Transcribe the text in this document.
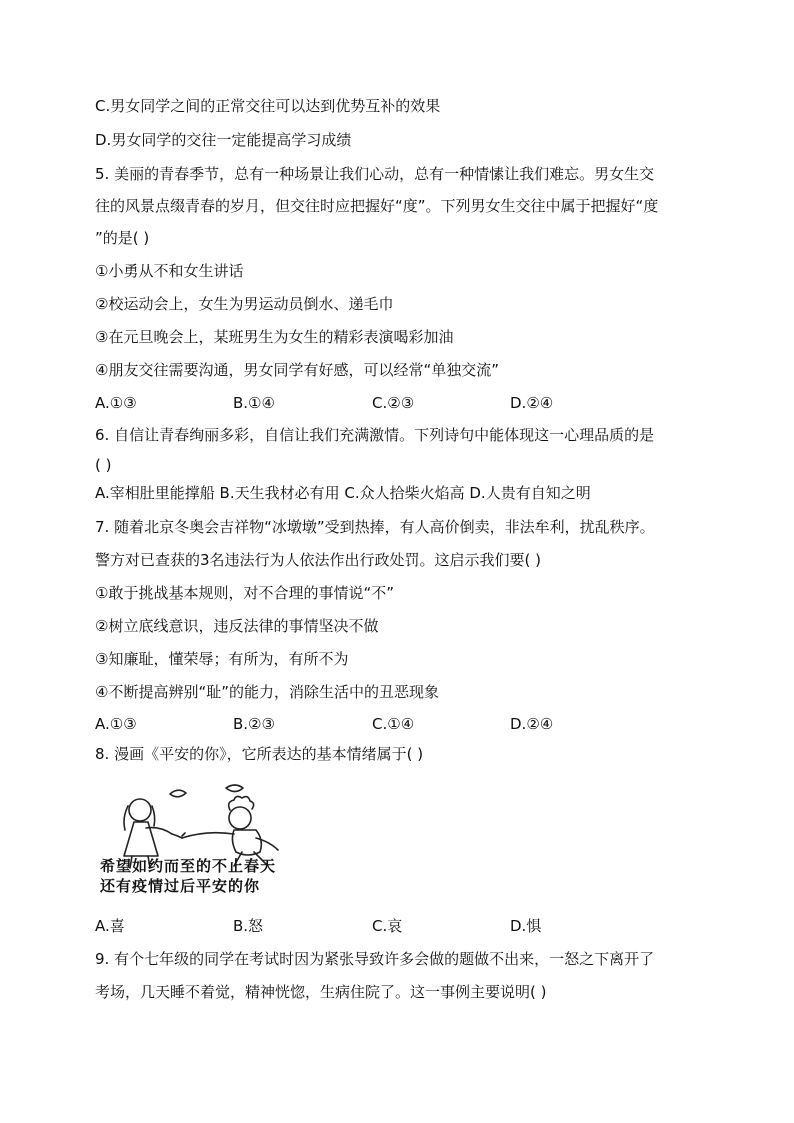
C.男女同学之间的正常交往可以达到优势互补的效果
D.男女同学的交往一定能提高学习成绩
5. 美丽的青春季节，总有一种场景让我们心动，总有一种情愫让我们难忘。男女生交
往的风景点缀青春的岁月，但交往时应把握好“度”。下列男女生交往中属于把握好“度
”的是( )
①小勇从不和女生讲话
②校运动会上，女生为男运动员倒水、递毛巾
③在元旦晚会上，某班男生为女生的精彩表演喝彩加油
④朋友交往需要沟通，男女同学有好感，可以经常“单独交流”
A.①③	B.①④	C.②③	D.②④
6. 自信让青春绚丽多彩，自信让我们充满激情。下列诗句中能体现这一心理品质的是
( )
A.宰相肚里能撑船 B.天生我材必有用 C.众人拾柴火焰高 D.人贵有自知之明
7. 随着北京冬奥会吉祥物“冰墩墩”受到热捧，有人高价倒卖，非法牟利，扰乱秩序。
警方对已查获的3名违法行为人依法作出行政处罚。这启示我们要( )
①敢于挑战基本规则，对不合理的事情说“不”
②树立底线意识，违反法律的事情坚决不做
③知廉耻，懂荣辱；有所为，有所不为
④不断提高辨别“耻”的能力，消除生活中的丑恶现象
A.①③	B.②③	C.①④	D.②④
8. 漫画《平安的你》，它所表达的基本情绪属于( )
希望如约而至的不止春天
还有疫情过后平安的你
A.喜	B.怒	C.哀	D.惧
9. 有个七年级的同学在考试时因为紧张导致许多会做的题做不出来，一怒之下离开了
考场，几天睡不着觉，精神恍惚，生病住院了。这一事例主要说明( )
